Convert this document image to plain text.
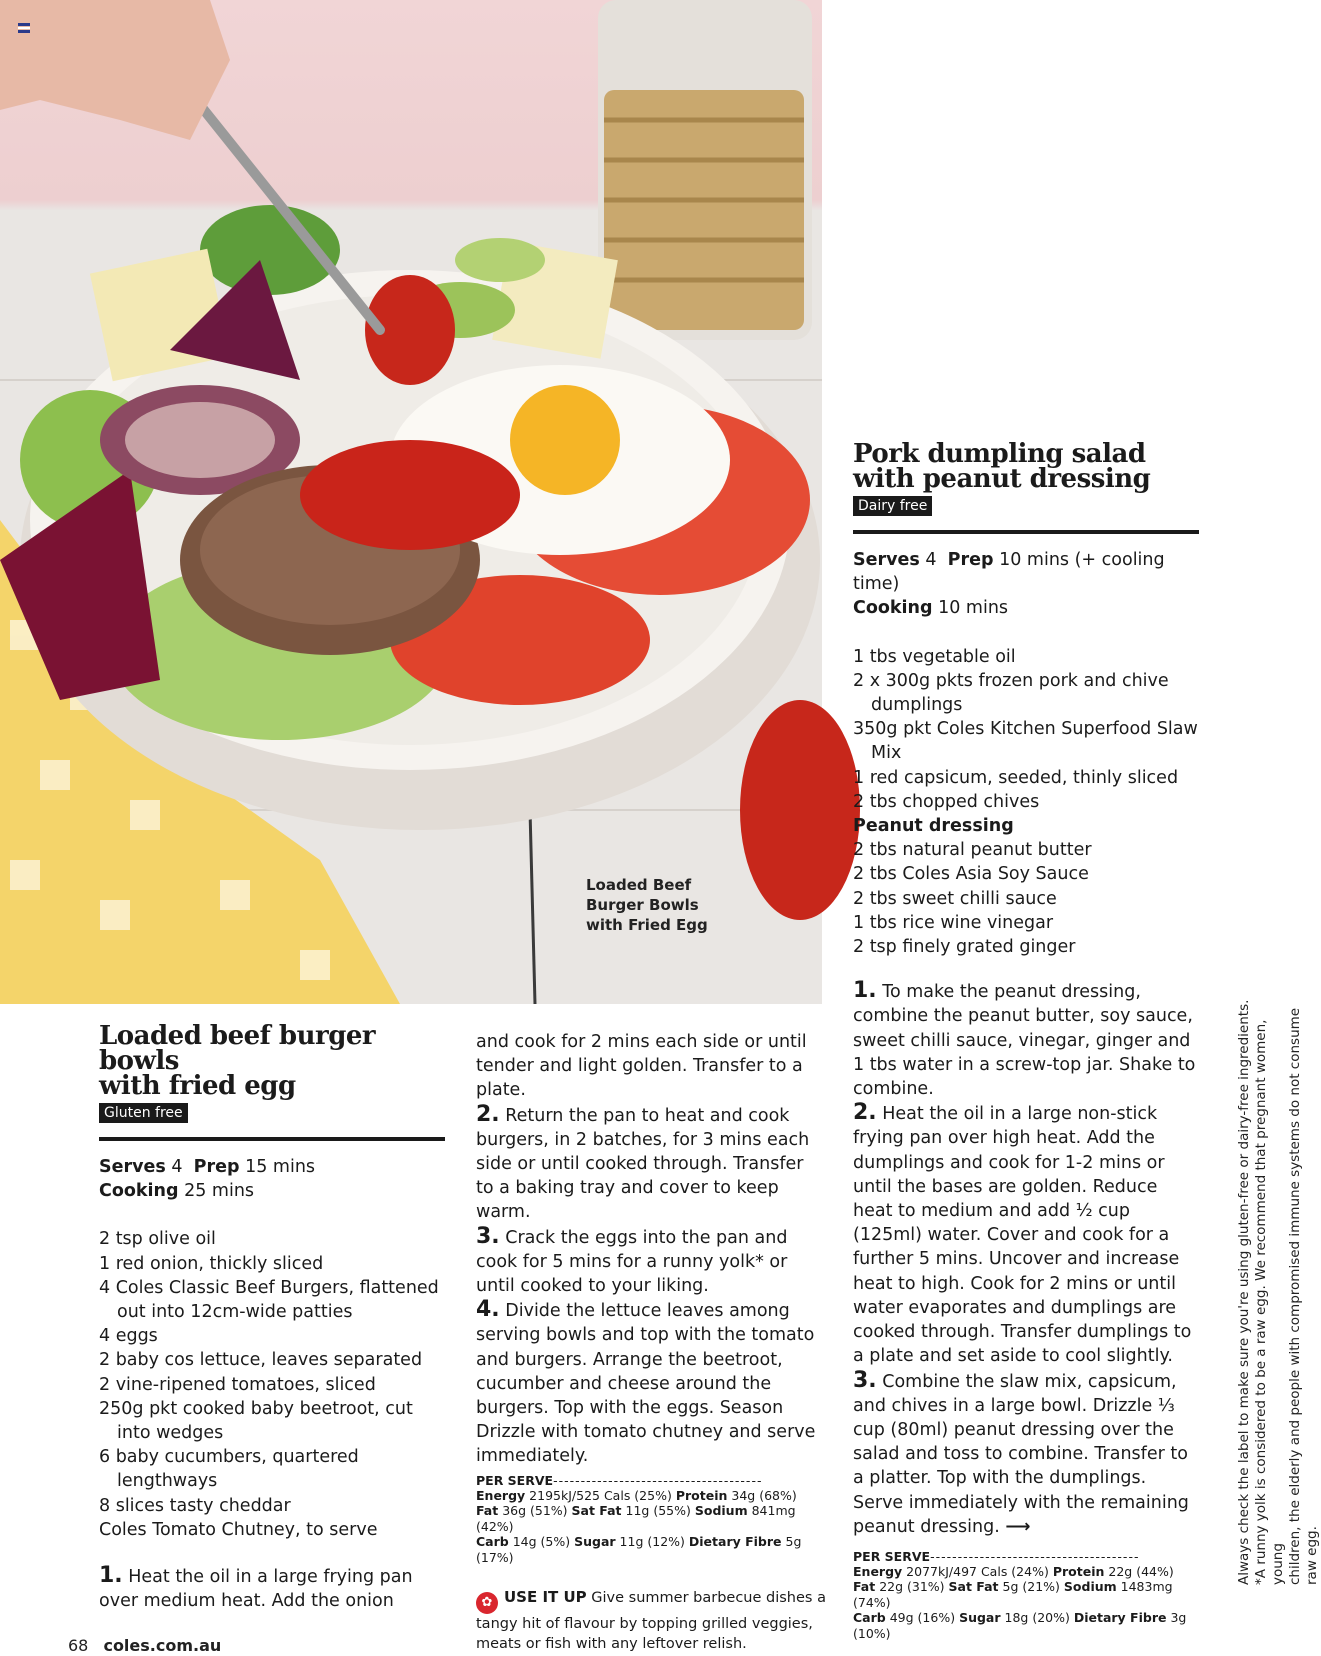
Loaded Beef Burger Bowls with Fried Egg
Pork dumpling salad
with peanut dressing
Dairy free
Serves 4 Prep 10 mins (+ cooling time)
Cooking 10 mins
1 tbs vegetable oil
2 x 300g pkts frozen pork and chive dumplings
350g pkt Coles Kitchen Superfood Slaw Mix
1 red capsicum, seeded, thinly sliced
2 tbs chopped chives
Peanut dressing
2 tbs natural peanut butter
2 tbs Coles Asia Soy Sauce
2 tbs sweet chilli sauce
1 tbs rice wine vinegar
2 tsp finely grated ginger

1. To make the peanut dressing, combine the peanut butter, soy sauce, sweet chilli sauce, vinegar, ginger and 1 tbs water in a screw-top jar. Shake to combine.

2. Heat the oil in a large non-stick frying pan over high heat. Add the dumplings and cook for 1-2 mins or until the bases are golden. Reduce heat to medium and add ½ cup (125ml) water. Cover and cook for a further 5 mins. Uncover and increase heat to high. Cook for 2 mins or until water evaporates and dumplings are cooked through. Transfer dumplings to a plate and set aside to cool slightly.

3. Combine the slaw mix, capsicum, and chives in a large bowl. Drizzle ⅓ cup (80ml) peanut dressing over the salad and toss to combine. Transfer to a platter. Top with the dumplings. Serve immediately with the remaining peanut dressing. ⟶

PER SERVE--------------------------------------
Energy 2077kJ/497 Cals (24%) Protein 22g (44%)
Fat 22g (31%) Sat Fat 5g (21%) Sodium 1483mg (74%)
Carb 49g (16%) Sugar 18g (20%) Dietary Fibre 3g (10%)
Loaded beef burger bowls
with fried egg
Gluten free
Serves 4 Prep 15 mins
Cooking 25 mins
2 tsp olive oil
1 red onion, thickly sliced
4 Coles Classic Beef Burgers, flattened out into 12cm-wide patties
4 eggs
2 baby cos lettuce, leaves separated
2 vine-ripened tomatoes, sliced
250g pkt cooked baby beetroot, cut into wedges
6 baby cucumbers, quartered lengthways
8 slices tasty cheddar
Coles Tomato Chutney, to serve

1. Heat the oil in a large frying pan over medium heat. Add the onion

and cook for 2 mins each side or until tender and light golden. Transfer to a plate.

2. Return the pan to heat and cook burgers, in 2 batches, for 3 mins each side or until cooked through. Transfer to a baking tray and cover to keep warm.

3. Crack the eggs into the pan and cook for 5 mins for a runny yolk* or until cooked to your liking.

4. Divide the lettuce leaves among serving bowls and top with the tomato and burgers. Arrange the beetroot, cucumber and cheese around the burgers. Top with the eggs. Season Drizzle with tomato chutney and serve immediately.

PER SERVE--------------------------------------
Energy 2195kJ/525 Cals (25%) Protein 34g (68%)
Fat 36g (51%) Sat Fat 11g (55%) Sodium 841mg (42%)
Carb 14g (5%) Sugar 11g (12%) Dietary Fibre 5g (17%)
✿ USE IT UP Give summer barbecue dishes a tangy hit of flavour by topping grilled veggies, meats or fish with any leftover relish.
Always check the label to make sure you're using gluten-free or dairy-free ingredients. *A runny yolk is considered to be a raw egg. We recommend that pregnant women, young children, the elderly and people with compromised immune systems do not consume raw egg.
68 coles.com.au
